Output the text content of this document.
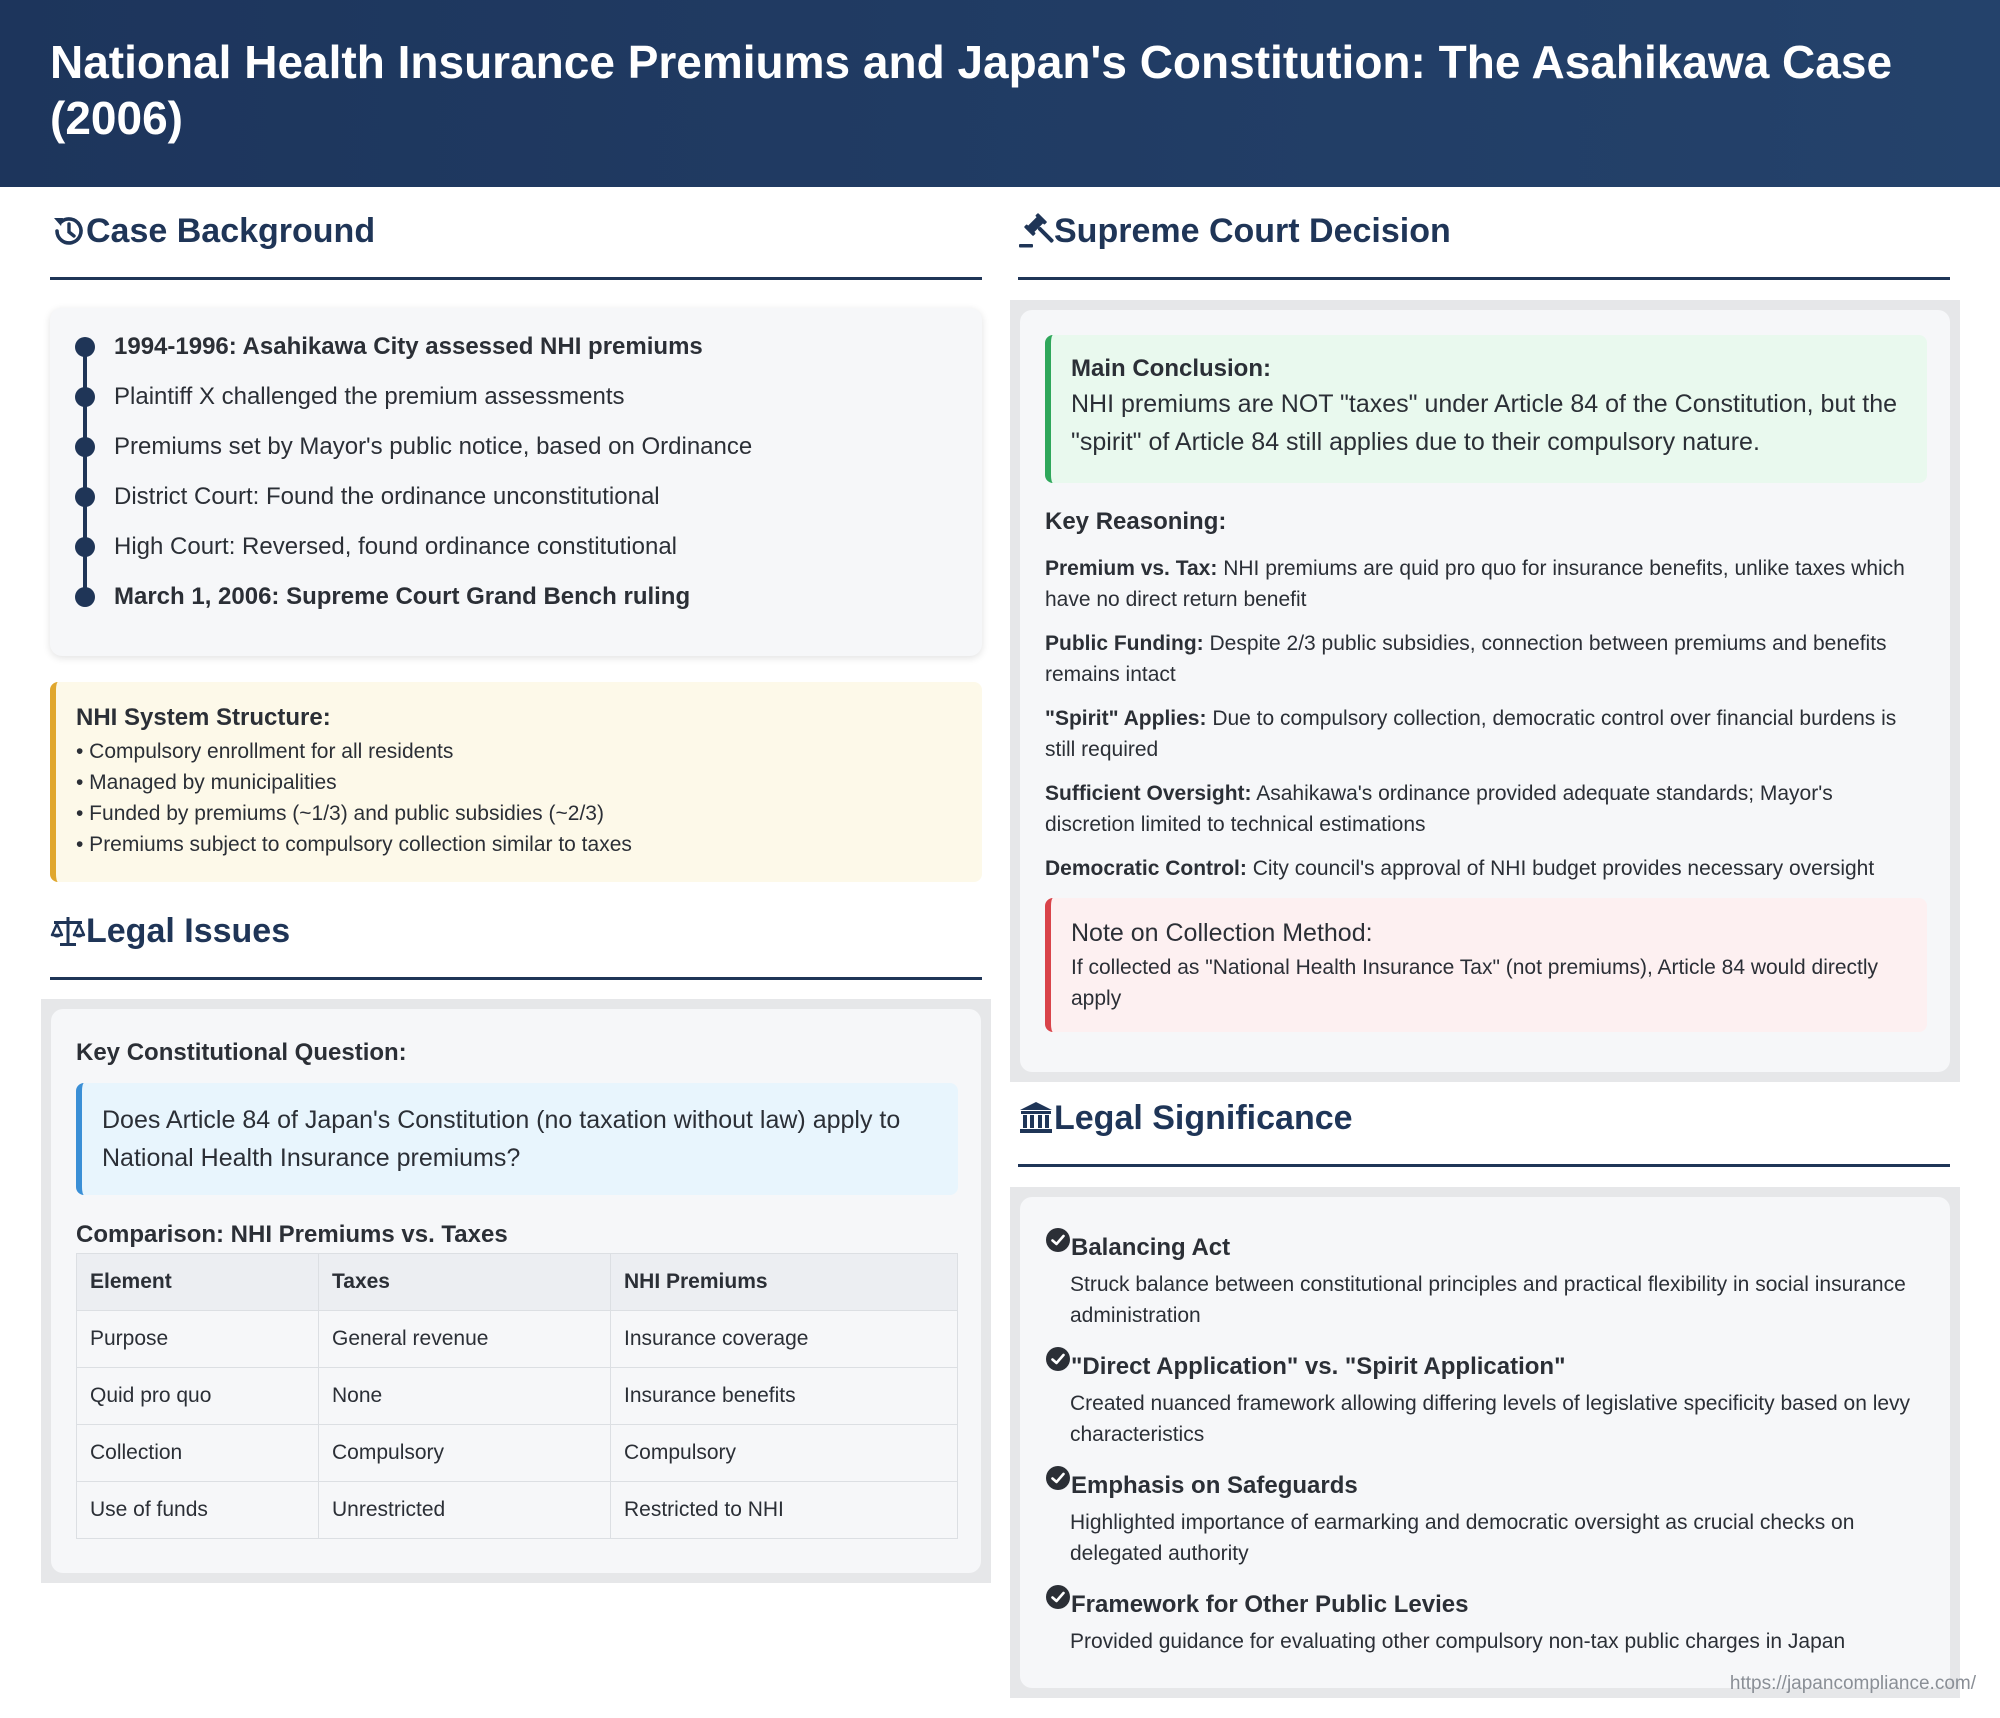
National Health Insurance Premiums and Japan's Constitution: The Asahikawa Case (2006)
Case Background
1994-1996: Asahikawa City assessed NHI premiums
Plaintiff X challenged the premium assessments
Premiums set by Mayor's public notice, based on Ordinance
District Court: Found the ordinance unconstitutional
High Court: Reversed, found ordinance constitutional
March 1, 2006: Supreme Court Grand Bench ruling
NHI System Structure:
• Compulsory enrollment for all residents
• Managed by municipalities
• Funded by premiums (~1/3) and public subsidies (~2/3)
• Premiums subject to compulsory collection similar to taxes
Legal Issues
Key Constitutional Question:
Does Article 84 of Japan's Constitution (no taxation without law) apply to National Health Insurance premiums?
Comparison: NHI Premiums vs. Taxes
Element	Taxes	NHI Premiums
Purpose	General revenue	Insurance coverage
Quid pro quo	None	Insurance benefits
Collection	Compulsory	Compulsory
Use of funds	Unrestricted	Restricted to NHI
Supreme Court Decision
Main Conclusion:
NHI premiums are NOT "taxes" under Article 84 of the Constitution, but the "spirit" of Article 84 still applies due to their compulsory nature.
Key Reasoning:
Premium vs. Tax: NHI premiums are quid pro quo for insurance benefits, unlike taxes which have no direct return benefit
Public Funding: Despite 2/3 public subsidies, connection between premiums and benefits remains intact
"Spirit" Applies: Due to compulsory collection, democratic control over financial burdens is still required
Sufficient Oversight: Asahikawa's ordinance provided adequate standards; Mayor's discretion limited to technical estimations
Democratic Control: City council's approval of NHI budget provides necessary oversight
Note on Collection Method:
If collected as "National Health Insurance Tax" (not premiums), Article 84 would directly apply
Legal Significance
Balancing Act
Struck balance between constitutional principles and practical flexibility in social insurance administration
"Direct Application" vs. "Spirit Application"
Created nuanced framework allowing differing levels of legislative specificity based on levy characteristics
Emphasis on Safeguards
Highlighted importance of earmarking and democratic oversight as crucial checks on delegated authority
Framework for Other Public Levies
Provided guidance for evaluating other compulsory non-tax public charges in Japan
https://japancompliance.com/
